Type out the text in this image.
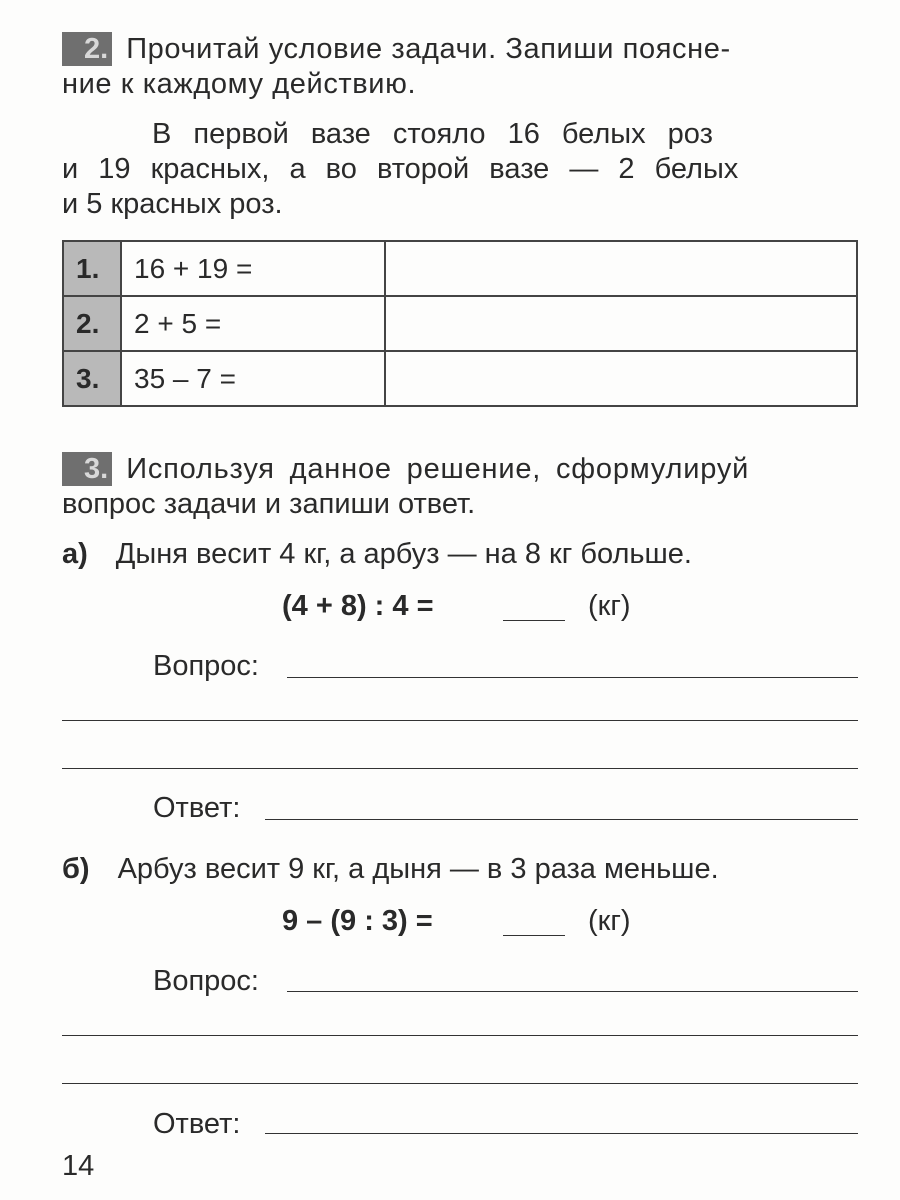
2. Прочитай условие задачи. Запиши поясне-
ние к каждому действию.
В первой вазе стояло 16 белых роз
и 19 красных, а во второй вазе — 2 белых
и 5 красных роз.
1.	16 + 19 =	
2.	2 + 5 =	
3.	35 – 7 =	
3. Используя данное решение, сформулируй
вопрос задачи и запиши ответ.
а) Дыня весит 4 кг, а арбуз — на 8 кг больше.
(4 + 8) : 4 =	(кг)
Вопрос:
Ответ:
б) Арбуз весит 9 кг, а дыня — в 3 раза меньше.
9 – (9 : 3) =	(кг)
Вопрос:
Ответ:
14
